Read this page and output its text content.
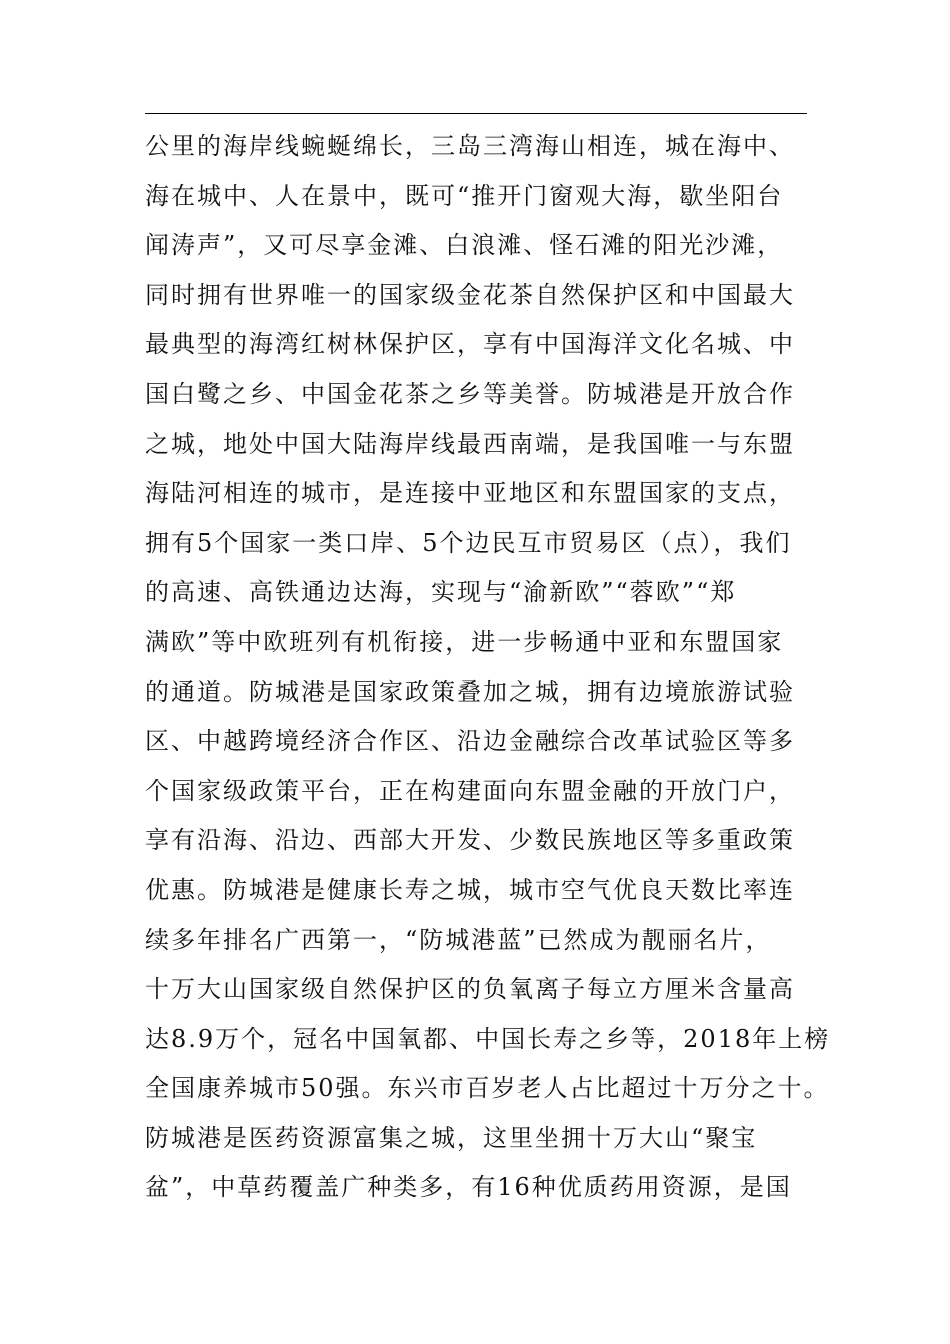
公里的海岸线蜿蜒绵长，三岛三湾海山相连，城在海中、
海在城中、人在景中，既可“推开门窗观大海，歇坐阳台
闻涛声”，又可尽享金滩、白浪滩、怪石滩的阳光沙滩，
同时拥有世界唯一的国家级金花茶自然保护区和中国最大
最典型的海湾红树林保护区，享有中国海洋文化名城、中
国白鹭之乡、中国金花茶之乡等美誉。防城港是开放合作
之城，地处中国大陆海岸线最西南端，是我国唯一与东盟
海陆河相连的城市，是连接中亚地区和东盟国家的支点，
拥有5个国家一类口岸、5个边民互市贸易区（点），我们
的高速、高铁通边达海，实现与“渝新欧”“蓉欧”“郑
满欧”等中欧班列有机衔接，进一步畅通中亚和东盟国家
的通道。防城港是国家政策叠加之城，拥有边境旅游试验
区、中越跨境经济合作区、沿边金融综合改革试验区等多
个国家级政策平台，正在构建面向东盟金融的开放门户，
享有沿海、沿边、西部大开发、少数民族地区等多重政策
优惠。防城港是健康长寿之城，城市空气优良天数比率连
续多年排名广西第一，“防城港蓝”已然成为靓丽名片，
十万大山国家级自然保护区的负氧离子每立方厘米含量高
达8.9万个，冠名中国氧都、中国长寿之乡等，2018年上榜
全国康养城市50强。东兴市百岁老人占比超过十万分之十。
防城港是医药资源富集之城，这里坐拥十万大山“聚宝
盆”，中草药覆盖广种类多，有16种优质药用资源，是国
